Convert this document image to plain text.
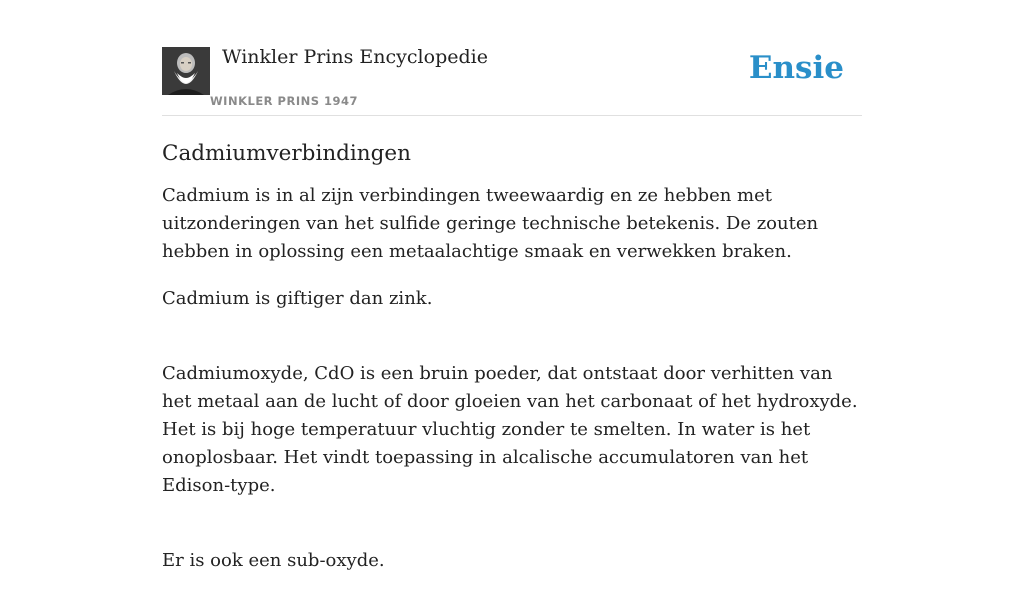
Winkler Prins Encyclopedie
WINKLER PRINS 1947
Ensie
Cadmiumverbindingen

Cadmium is in al zijn verbindingen tweewaardig en ze hebben met uitzonderingen van het sulfide geringe technische betekenis. De zouten hebben in oplossing een metaalachtige smaak en verwekken braken.

Cadmium is giftiger dan zink.

Cadmiumoxyde, CdO is een bruin poeder, dat ontstaat door verhitten van het metaal aan de lucht of door gloeien van het carbonaat of het hydroxyde. Het is bij hoge temperatuur vluchtig zonder te smelten. In water is het onoplosbaar. Het vindt toepassing in alcalische accumulatoren van het Edison-type.

Er is ook een sub-oxyde.
